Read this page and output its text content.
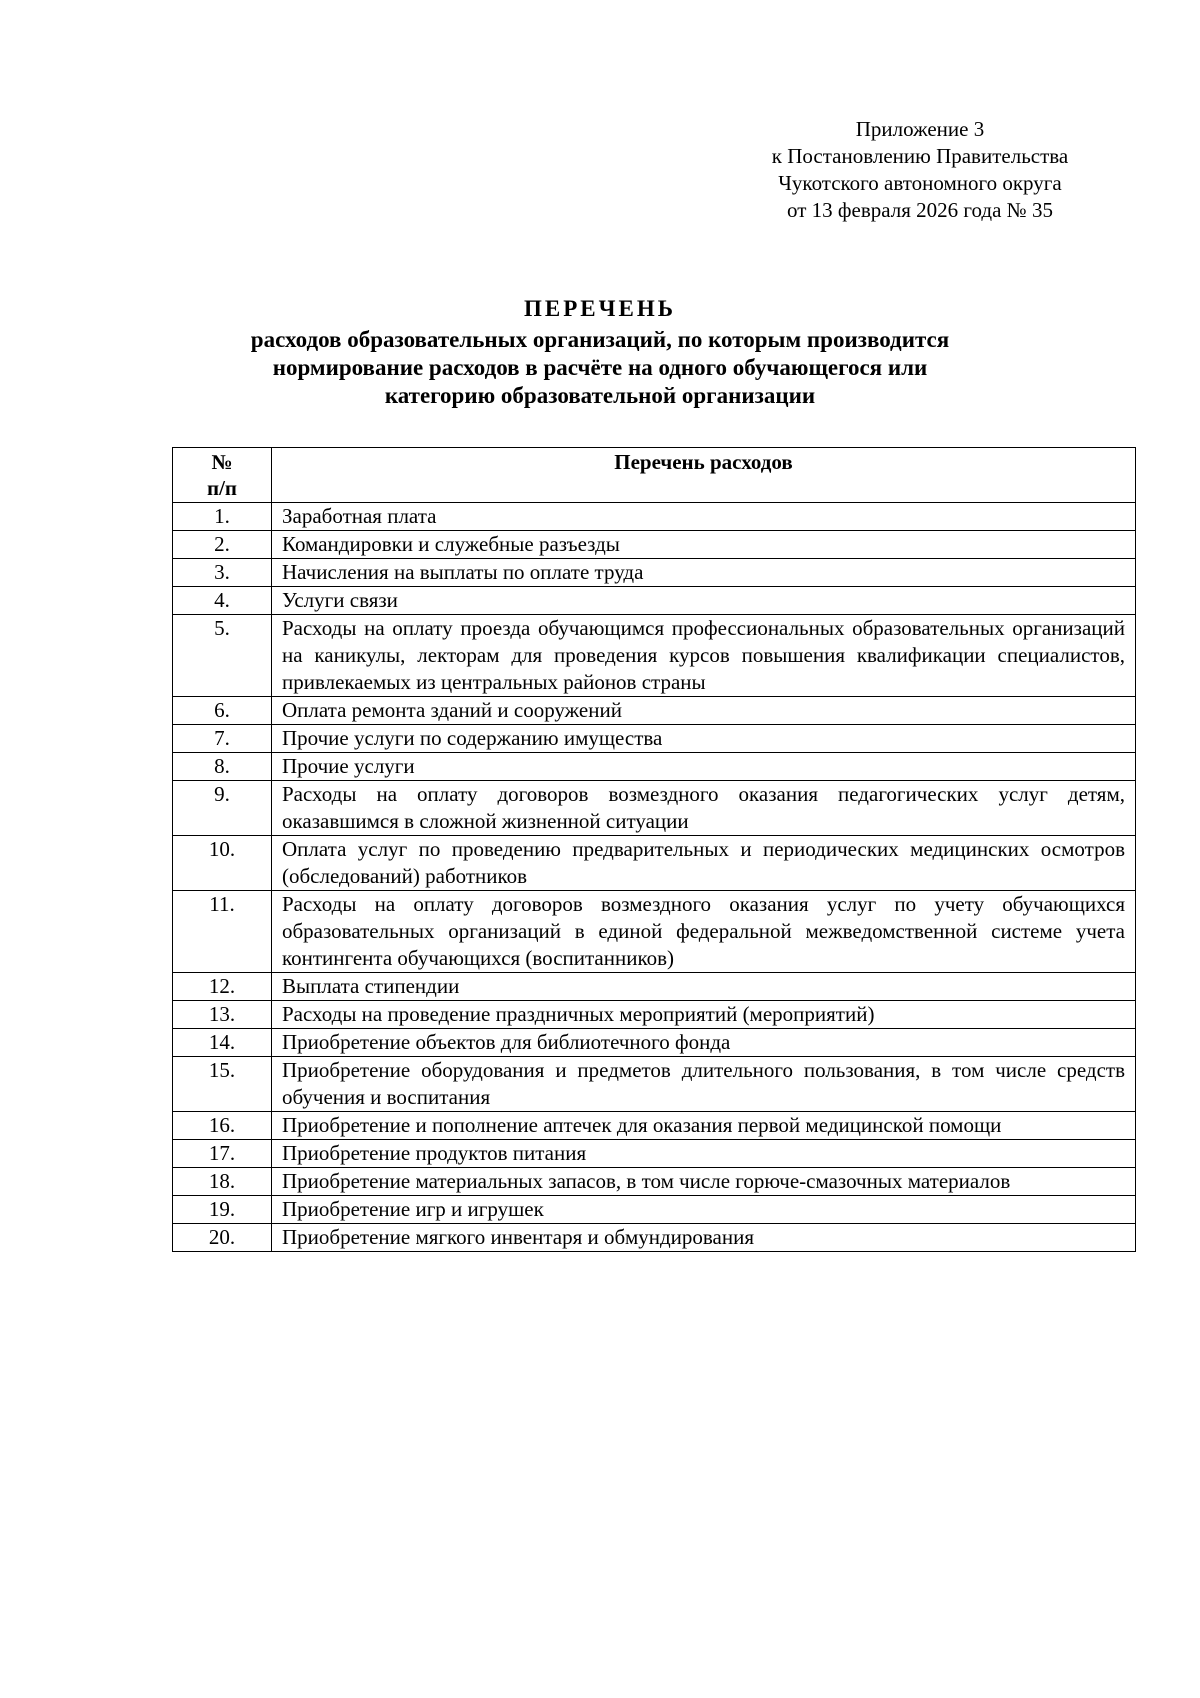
Приложение 3
к Постановлению Правительства
Чукотского автономного округа
от 13 февраля 2026 года № 35
ПЕРЕЧЕНЬ
расходов образовательных организаций, по которым производится
нормирование расходов в расчёте на одного обучающегося или
категорию образовательной организации
№
п/п	Перечень расходов
1.	Заработная плата
2.	Командировки и служебные разъезды
3.	Начисления на выплаты по оплате труда
4.	Услуги связи
5.	Расходы на оплату проезда обучающимся профессиональных образовательных организаций на каникулы, лекторам для проведения курсов повышения квалификации специалистов, привлекаемых из центральных районов страны
6.	Оплата ремонта зданий и сооружений
7.	Прочие услуги по содержанию имущества
8.	Прочие услуги
9.	Расходы на оплату договоров возмездного оказания педагогических услуг детям, оказавшимся в сложной жизненной ситуации
10.	Оплата услуг по проведению предварительных и периодических медицинских осмотров (обследований) работников
11.	Расходы на оплату договоров возмездного оказания услуг по учету обучающихся образовательных организаций в единой федеральной межведомственной системе учета контингента обучающихся (воспитанников)
12.	Выплата стипендии
13.	Расходы на проведение праздничных мероприятий (мероприятий)
14.	Приобретение объектов для библиотечного фонда
15.	Приобретение оборудования и предметов длительного пользования, в том числе средств обучения и воспитания
16.	Приобретение и пополнение аптечек для оказания первой медицинской помощи
17.	Приобретение продуктов питания
18.	Приобретение материальных запасов, в том числе горюче-смазочных материалов
19.	Приобретение игр и игрушек
20.	Приобретение мягкого инвентаря и обмундирования
